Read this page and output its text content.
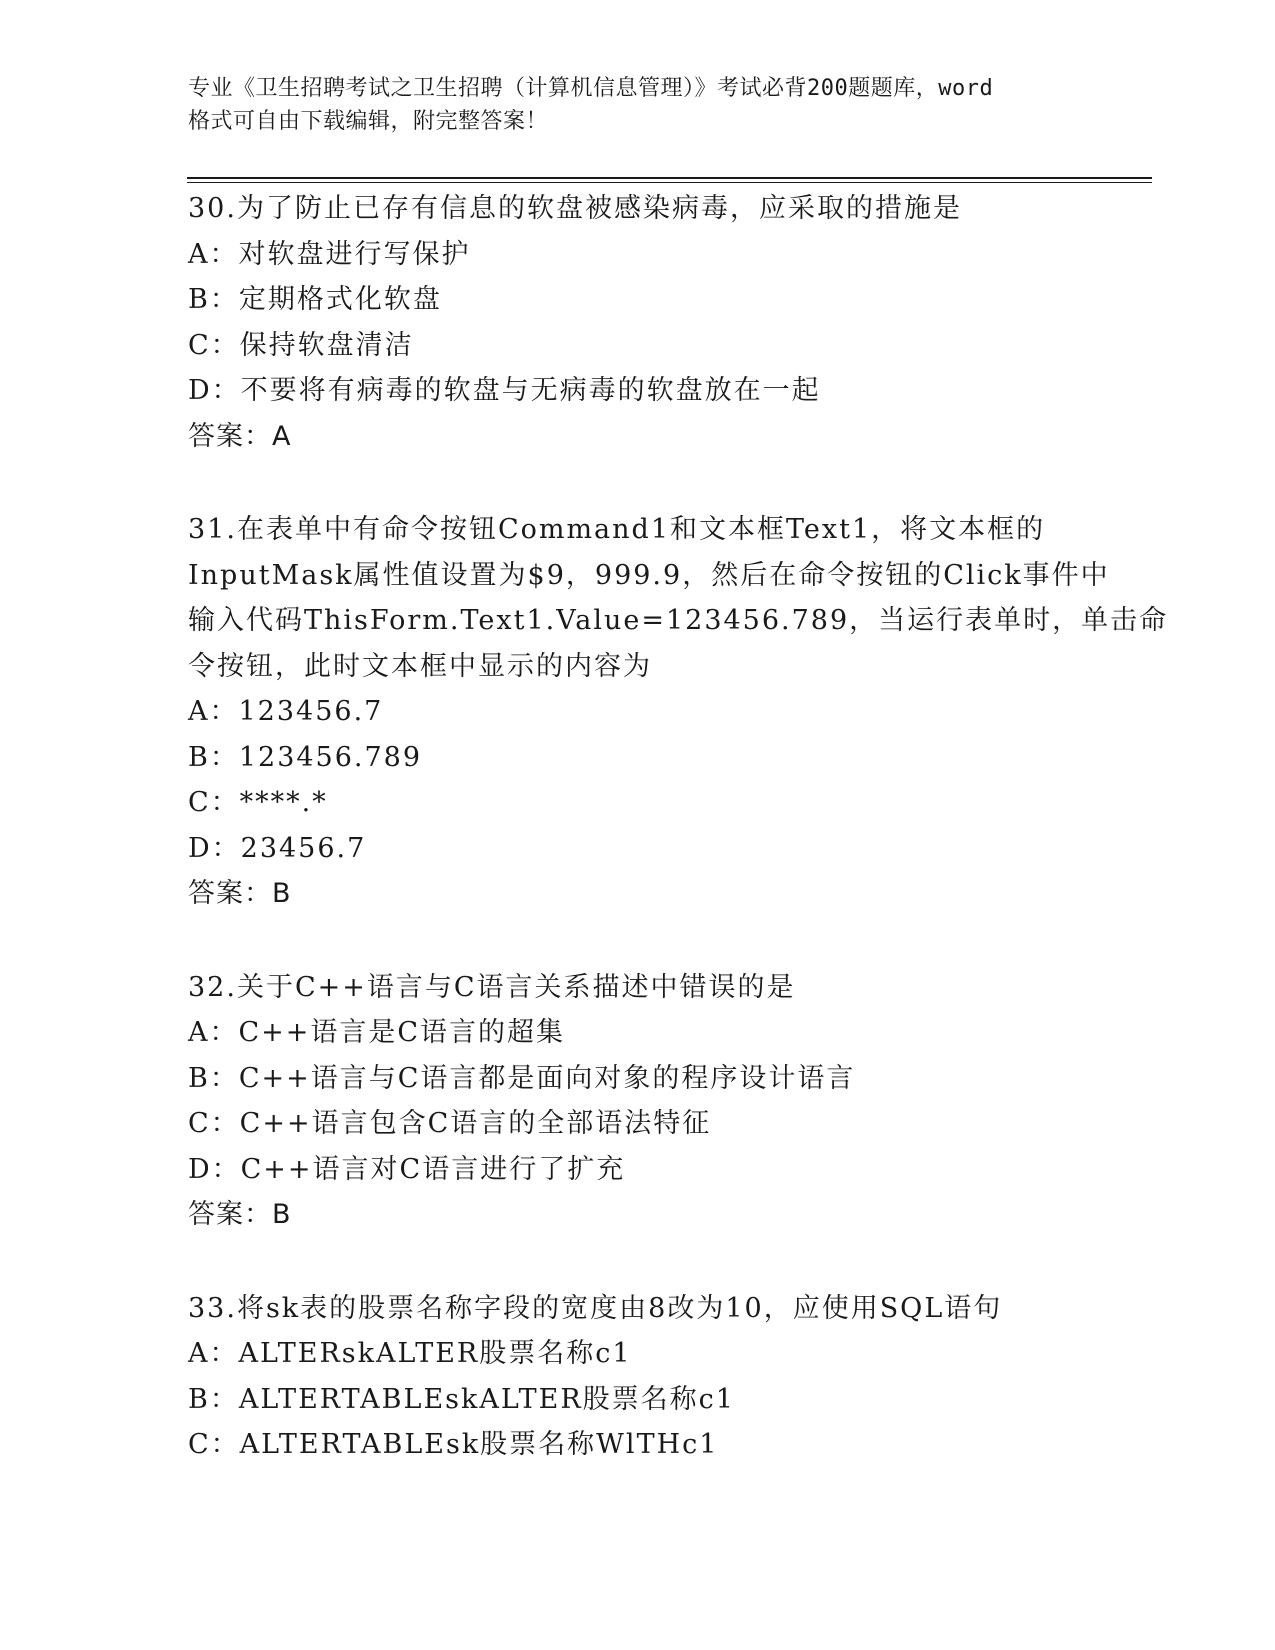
专业《卫生招聘考试之卫生招聘（计算机信息管理）》考试必背200题题库，word
格式可自由下载编辑，附完整答案！
30.为了防止已存有信息的软盘被感染病毒，应采取的措施是
A：对软盘进行写保护
B：定期格式化软盘
C：保持软盘清洁
D：不要将有病毒的软盘与无病毒的软盘放在一起
答案：A
31.在表单中有命令按钮Command1和文本框Text1，将文本框的
InputMask属性值设置为$9，999.9，然后在命令按钮的Click事件中
输入代码ThisForm.Text1.Value=123456.789，当运行表单时，单击命
令按钮，此时文本框中显示的内容为
A：123456.7
B：123456.789
C：****.*
D：23456.7
答案：B
32.关于C++语言与C语言关系描述中错误的是
A：C++语言是C语言的超集
B：C++语言与C语言都是面向对象的程序设计语言
C：C++语言包含C语言的全部语法特征
D：C++语言对C语言进行了扩充
答案：B
33.将sk表的股票名称字段的宽度由8改为10，应使用SQL语句
A：ALTERskALTER股票名称c1
B：ALTERTABLEskALTER股票名称c1
C：ALTERTABLEsk股票名称WlTHc1
